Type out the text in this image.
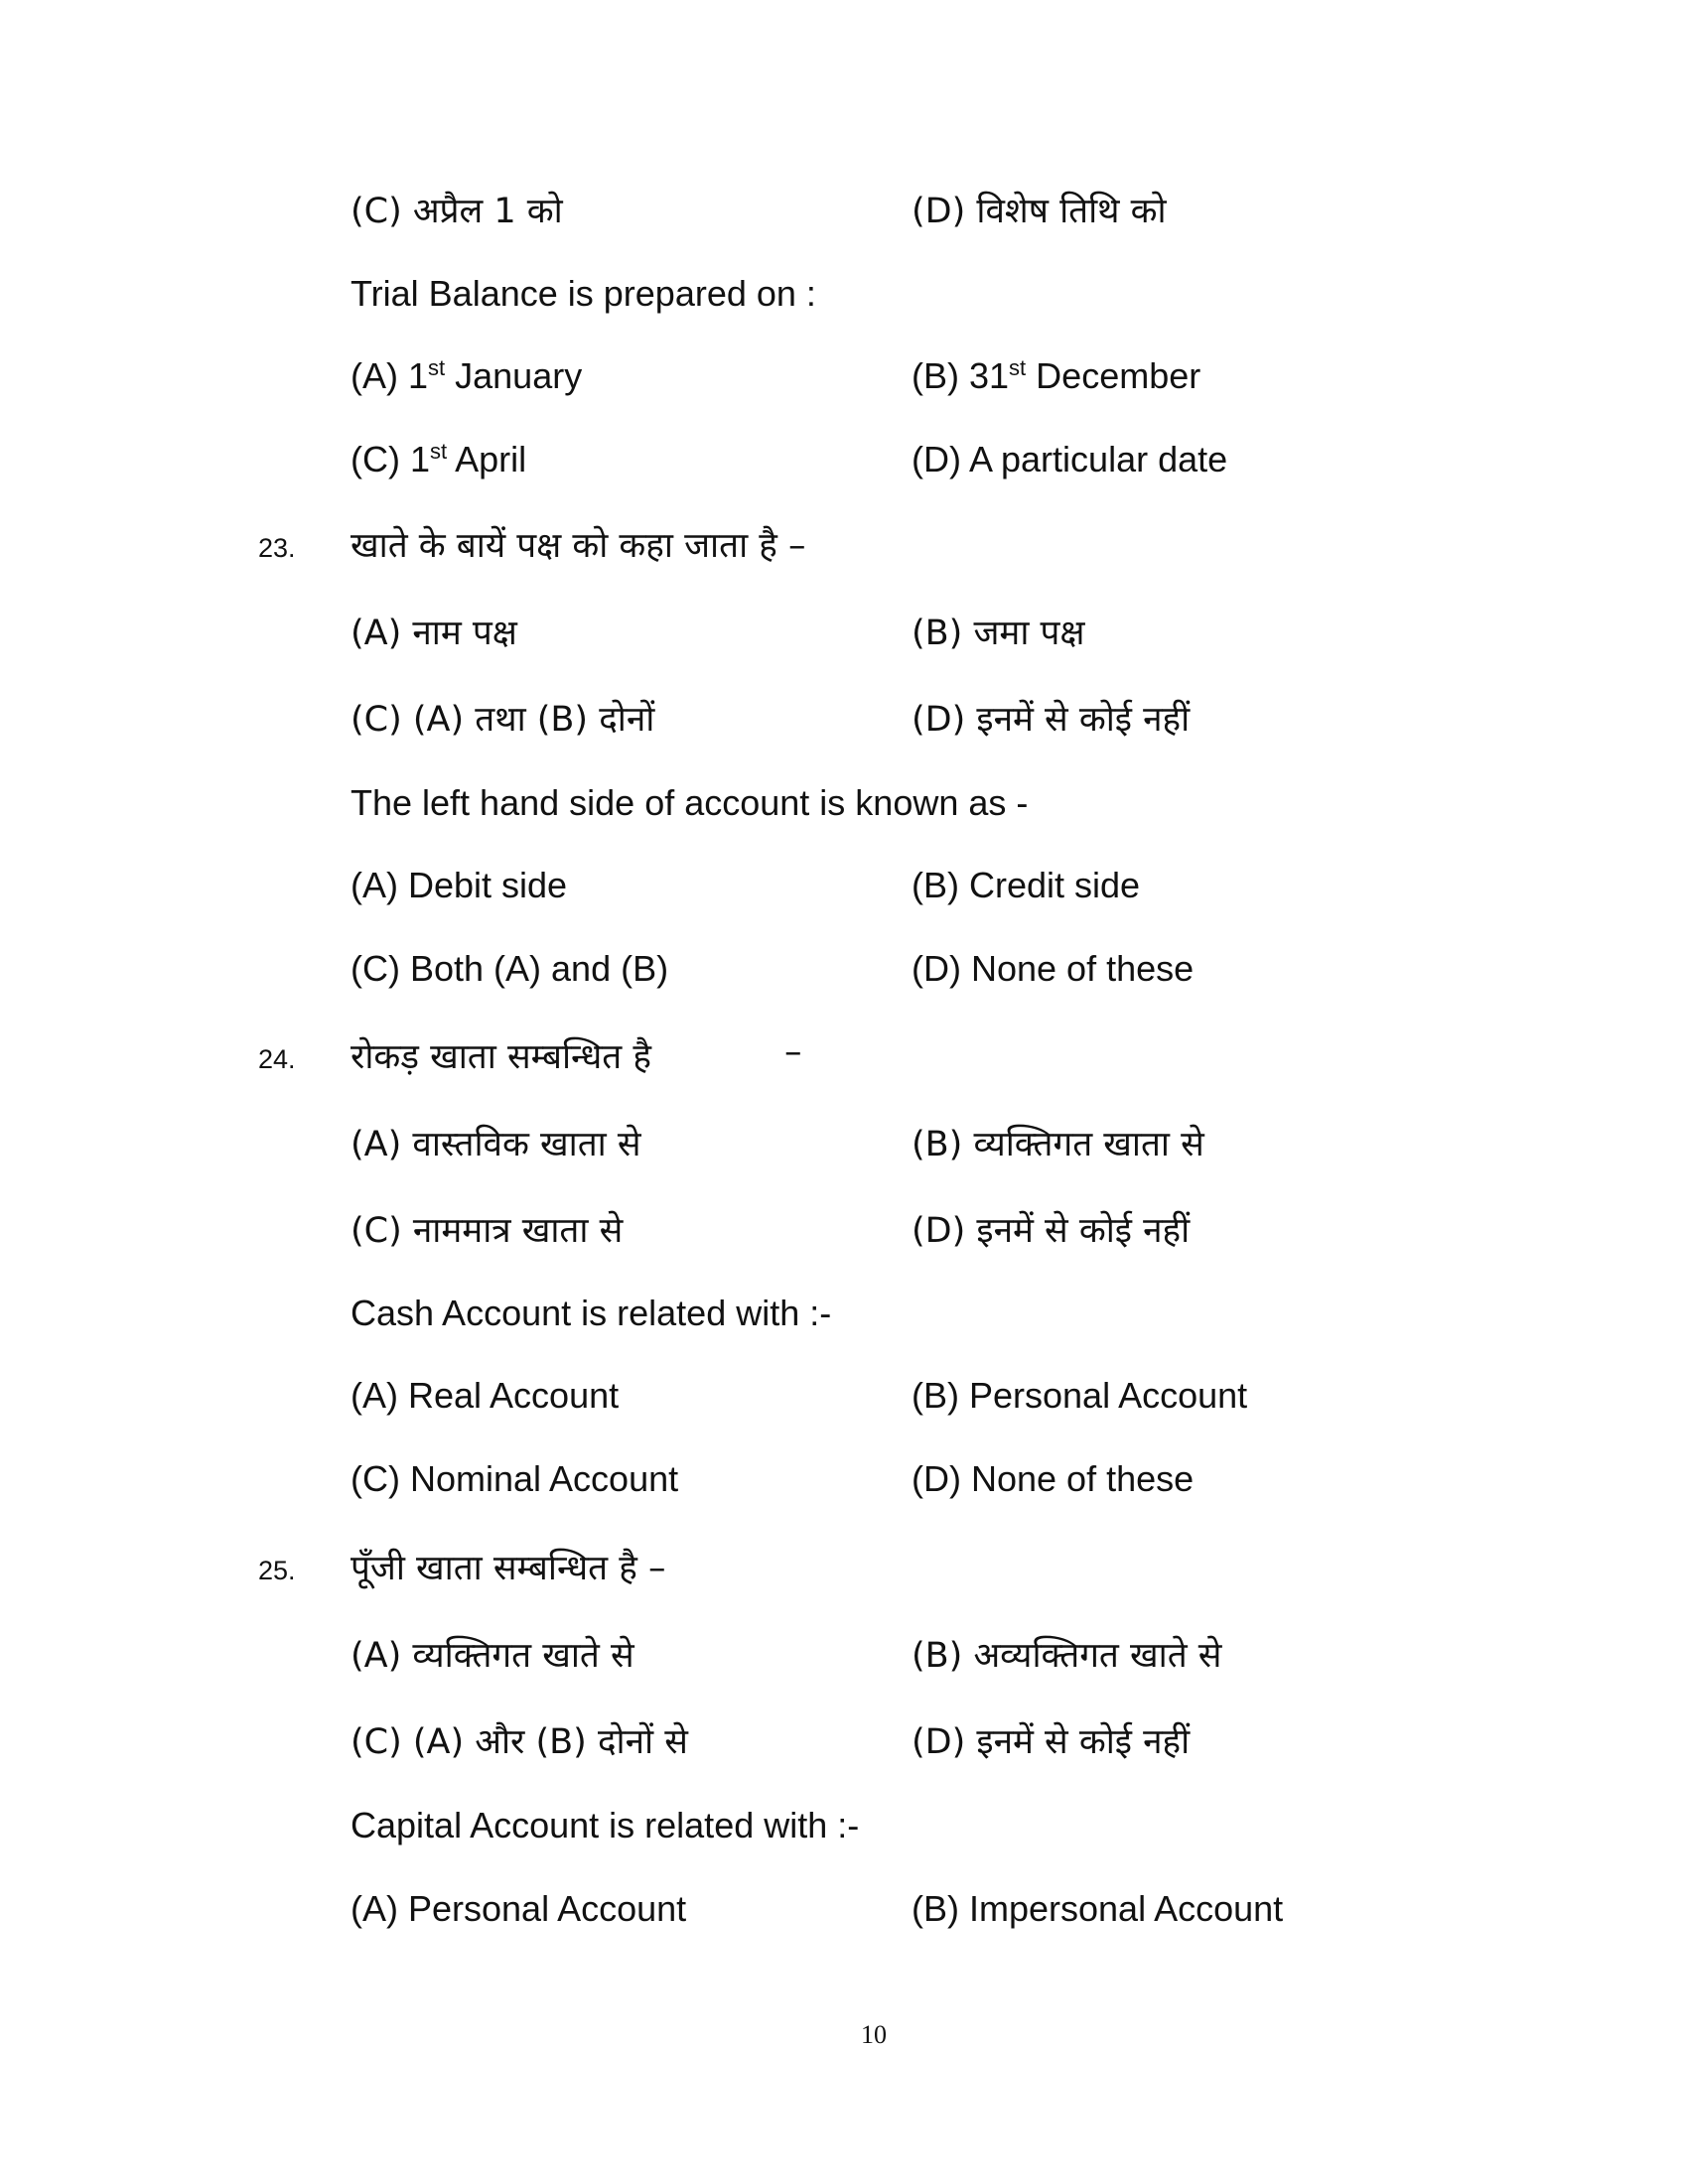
(C) अप्रैल 1 को	(D) विशेष तिथि को
Trial Balance is prepared on :
(A) 1st January	(B) 31st December
(C) 1st April	(D) A particular date
23. खाते के बायें पक्ष को कहा जाता है –
(A) नाम पक्ष	(B) जमा पक्ष
(C) (A) तथा (B) दोनों	(D) इनमें से कोई नहीं
The left hand side of account is known as -
(A) Debit side	(B) Credit side
(C) Both (A) and (B)	(D) None of these
24. रोकड़ खाता सम्बन्धित है	–
(A) वास्तविक खाता से	(B) व्यक्तिगत खाता से
(C) नाममात्र खाता से	(D) इनमें से कोई नहीं
Cash Account is related with :-
(A) Real Account	(B) Personal Account
(C) Nominal Account	(D) None of these
25. पूँजी खाता सम्बन्धित है –
(A) व्यक्तिगत खाते से	(B) अव्यक्तिगत खाते से
(C) (A) और (B) दोनों से	(D) इनमें से कोई नहीं
Capital Account is related with :-
(A) Personal Account	(B) Impersonal Account
10
